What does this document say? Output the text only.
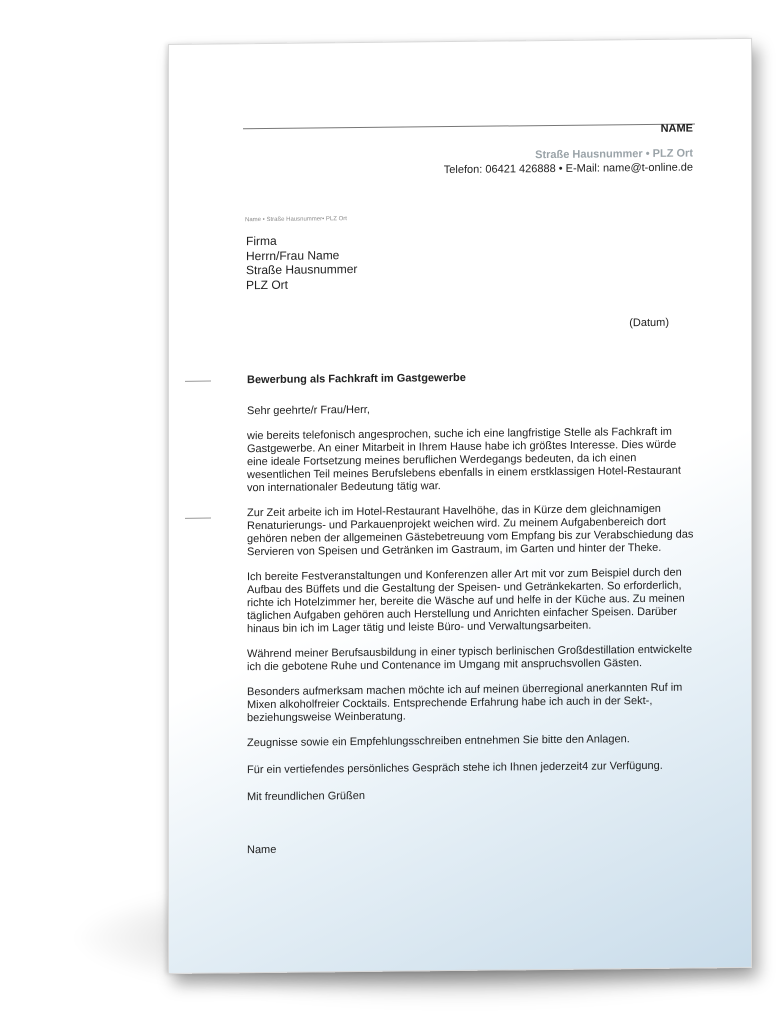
NAME
Straße Hausnummer • PLZ Ort
Telefon: 06421 426888 • E-Mail: name@t-online.de
Name • Straße Hausnummer• PLZ Ort
Firma
Herrn/Frau Name
Straße Hausnummer
PLZ Ort
(Datum)

Bewerbung als Fachkraft im Gastgewerbe

Sehr geehrte/r Frau/Herr,

wie bereits telefonisch angesprochen, suche ich eine langfristige Stelle als Fachkraft im Gastgewerbe. An einer Mitarbeit in Ihrem Hause habe ich größtes Interesse. Dies würde eine ideale Fortsetzung meines beruflichen Werdegangs bedeuten, da ich einen wesentlichen Teil meines Berufslebens ebenfalls in einem erstklassigen Hotel-Restaurant von internationaler Bedeutung tätig war.

Zur Zeit arbeite ich im Hotel-Restaurant Havelhöhe, das in Kürze dem gleichnamigen Renaturierungs- und Parkauenprojekt weichen wird. Zu meinem Aufgabenbereich dort gehören neben der allgemeinen Gästebetreuung vom Empfang bis zur Verabschiedung das Servieren von Speisen und Getränken im Gastraum, im Garten und hinter der Theke.

Ich bereite Festveranstaltungen und Konferenzen aller Art mit vor zum Beispiel durch den Aufbau des Büffets und die Gestaltung der Speisen- und Getränkekarten. So erforderlich, richte ich Hotelzimmer her, bereite die Wäsche auf und helfe in der Küche aus. Zu meinen täglichen Aufgaben gehören auch Herstellung und Anrichten einfacher Speisen. Darüber hinaus bin ich im Lager tätig und leiste Büro- und Verwaltungsarbeiten.

Während meiner Berufsausbildung in einer typisch berlinischen Großdestillation entwickelte ich die gebotene Ruhe und Contenance im Umgang mit anspruchsvollen Gästen.

Besonders aufmerksam machen möchte ich auf meinen überregional anerkannten Ruf im Mixen alkoholfreier Cocktails. Entsprechende Erfahrung habe ich auch in der Sekt-, beziehungsweise Weinberatung.

Zeugnisse sowie ein Empfehlungsschreiben entnehmen Sie bitte den Anlagen.

Für ein vertiefendes persönliches Gespräch stehe ich Ihnen jederzeit4 zur Verfügung.

Mit freundlichen Grüßen

Name
